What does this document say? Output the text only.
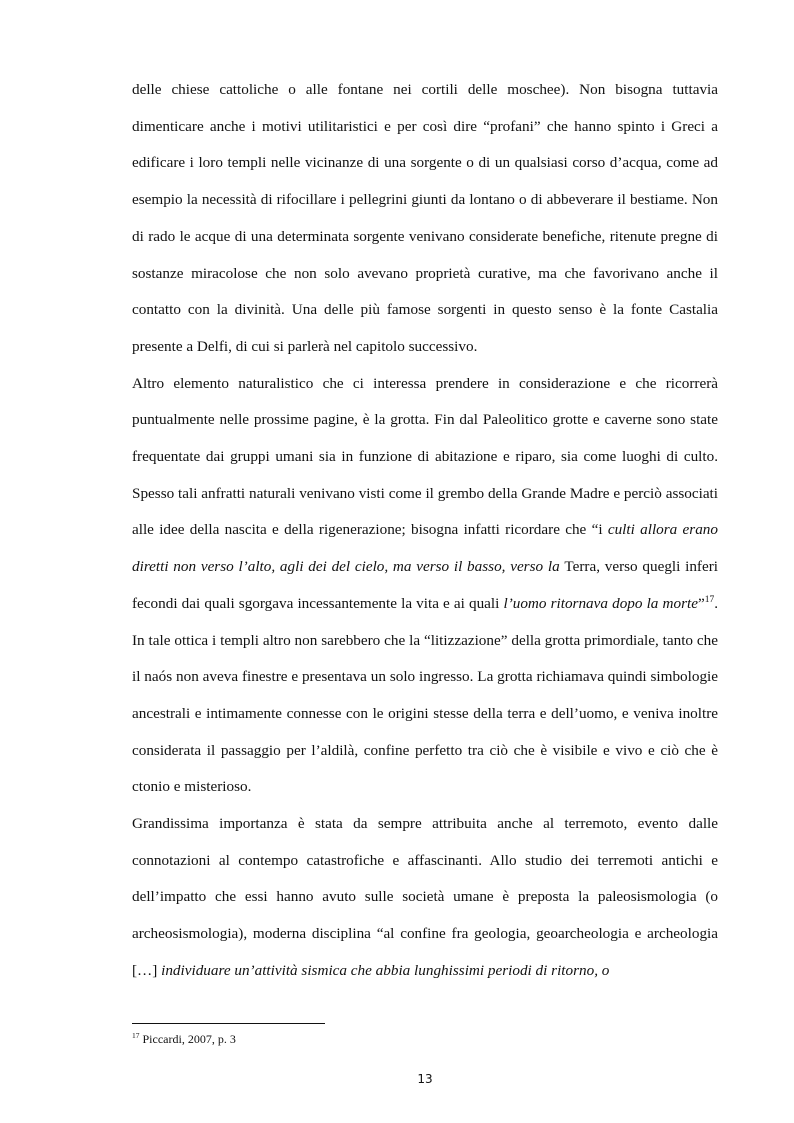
delle chiese cattoliche o alle fontane nei cortili delle moschee). Non bisogna tuttavia dimenticare anche i motivi utilitaristici e per così dire “profani” che hanno spinto i Greci a edificare i loro templi nelle vicinanze di una sorgente o di un qualsiasi corso d’acqua, come ad esempio la necessità di rifocillare i pellegrini giunti da lontano o di abbeverare il bestiame. Non di rado le acque di una determinata sorgente venivano considerate benefiche, ritenute pregne di sostanze miracolose che non solo avevano proprietà curative, ma che favorivano anche il contatto con la divinità. Una delle più famose sorgenti in questo senso è la fonte Castalia presente a Delfi, di cui si parlerà nel capitolo successivo.

Altro elemento naturalistico che ci interessa prendere in considerazione e che ricorrerà puntualmente nelle prossime pagine, è la grotta. Fin dal Paleolitico grotte e caverne sono state frequentate dai gruppi umani sia in funzione di abitazione e riparo, sia come luoghi di culto. Spesso tali anfratti naturali venivano visti come il grembo della Grande Madre e perciò associati alle idee della nascita e della rigenerazione; bisogna infatti ricordare che “i culti allora erano diretti non verso l’alto, agli dei del cielo, ma verso il basso, verso la Terra, verso quegli inferi fecondi dai quali sgorgava incessantemente la vita e ai quali l’uomo ritornava dopo la morte”$^{17}$. In tale ottica i templi altro non sarebbero che la “litizzazione” della grotta primordiale, tanto che il naós non aveva finestre e presentava un solo ingresso. La grotta richiamava quindi simbologie ancestrali e intimamente connesse con le origini stesse della terra e dell’uomo, e veniva inoltre considerata il passaggio per l’aldilà, confine perfetto tra ciò che è visibile e vivo e ciò che è ctonio e misterioso.

Grandissima importanza è stata da sempre attribuita anche al terremoto, evento dalle connotazioni al contempo catastrofiche e affascinanti. Allo studio dei terremoti antichi e dell’impatto che essi hanno avuto sulle società umane è preposta la paleosismologia (o archeosismologia), moderna disciplina “al confine fra geologia, geoarcheologia e archeologia […] individuare un’attività sismica che abbia lunghissimi periodi di ritorno, o

$^{17}$ Piccardi, 2007, p. 3
13
